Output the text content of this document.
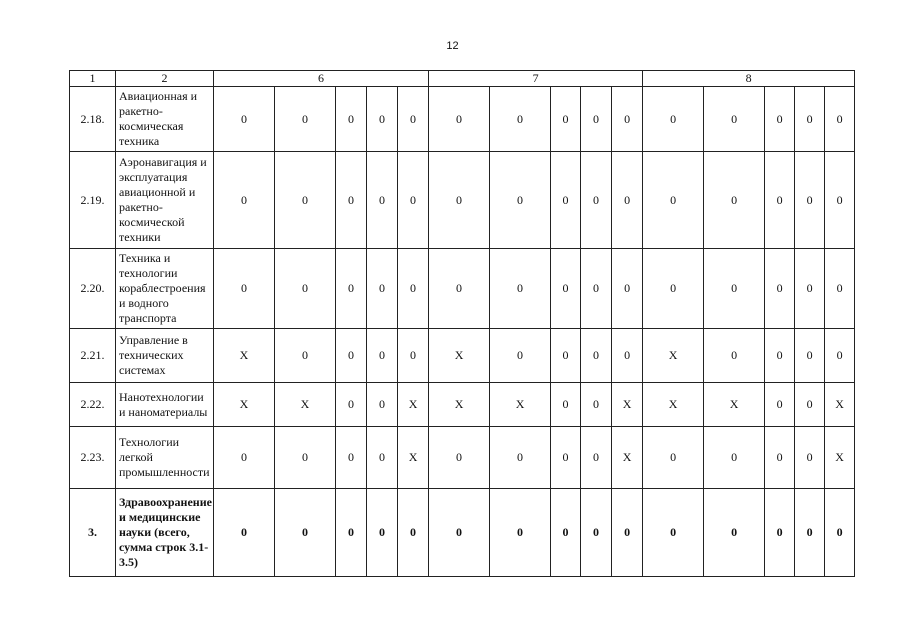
12
1	2	6					7					8				
2.18.	Авиационная и ракетно-космическая техника	0	0	0	0	0	0	0	0	0	0	0	0	0	0	0
2.19.	Аэронавигация и эксплуатация авиационной и ракетно-космической техники	0	0	0	0	0	0	0	0	0	0	0	0	0	0	0
2.20.	Техника и технологии кораблестроения и водного транспорта	0	0	0	0	0	0	0	0	0	0	0	0	0	0	0
2.21.	Управление в технических системах	X	0	0	0	0	X	0	0	0	0	X	0	0	0	0
2.22.	Нанотехнологии и наноматериалы	X	X	0	0	X	X	X	0	0	X	X	X	0	0	X
2.23.	Технологии легкой промышленности	0	0	0	0	X	0	0	0	0	X	0	0	0	0	X
3.	Здравоохранение и медицинские науки (всего, сумма строк 3.1- 3.5)	0	0	0	0	0	0	0	0	0	0	0	0	0	0	0
